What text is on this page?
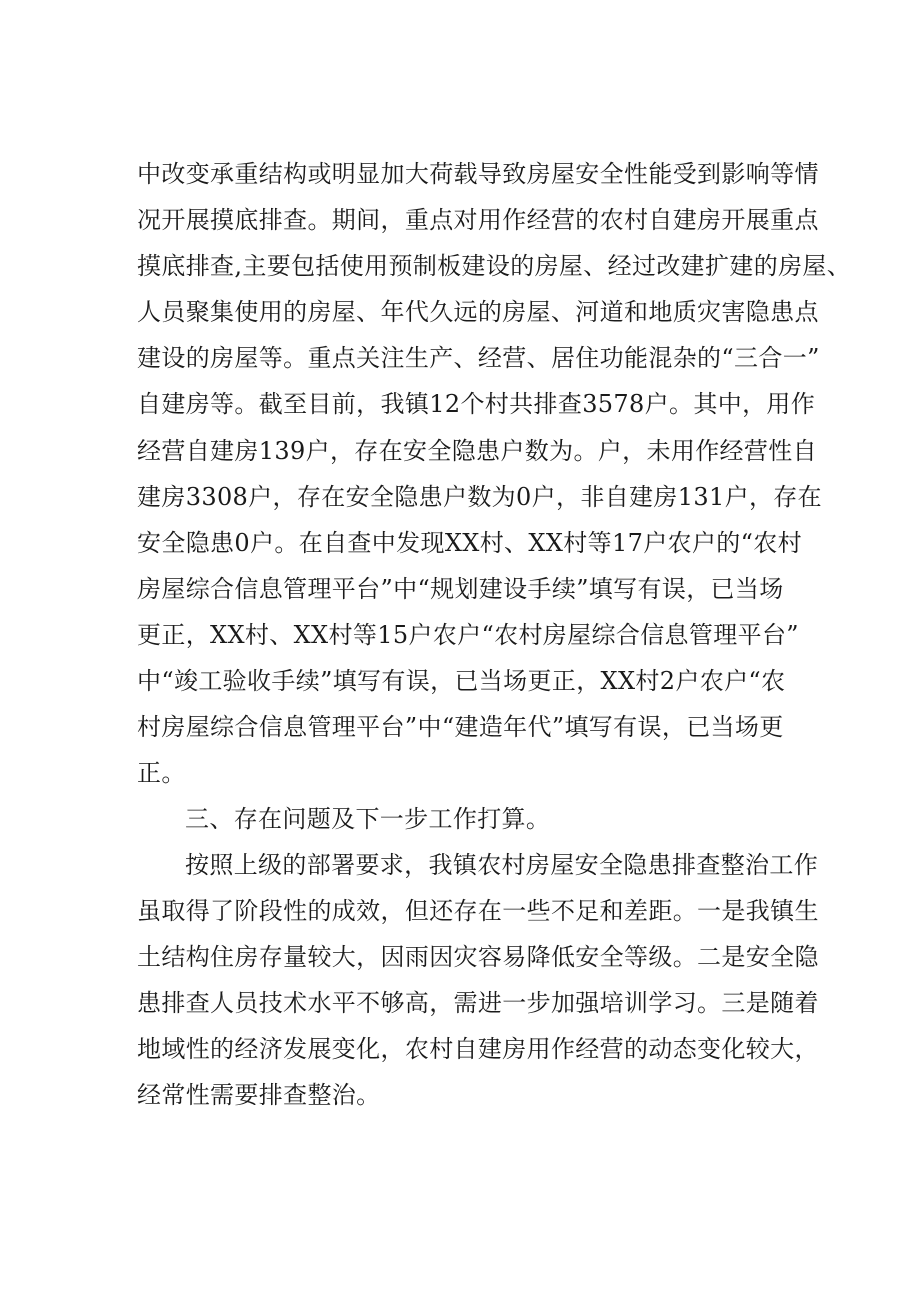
中改变承重结构或明显加大荷载导致房屋安全性能受到影响等情
况开展摸底排查。期间，重点对用作经营的农村自建房开展重点
摸底排查,主要包括使用预制板建设的房屋、经过改建扩建的房屋、
人员聚集使用的房屋、年代久远的房屋、河道和地质灾害隐患点
建设的房屋等。重点关注生产、经营、居住功能混杂的“三合一”
自建房等。截至目前，我镇12个村共排查3578户。其中，用作
经营自建房139户，存在安全隐患户数为。户，未用作经营性自
建房3308户，存在安全隐患户数为0户，非自建房131户，存在
安全隐患0户。在自查中发现XX村、XX村等17户农户的“农村
房屋综合信息管理平台”中“规划建设手续”填写有误，已当场
更正，XX村、XX村等15户农户“农村房屋综合信息管理平台”
中“竣工验收手续”填写有误，已当场更正，XX村2户农户“农
村房屋综合信息管理平台”中“建造年代”填写有误，已当场更
正。
三、存在问题及下一步工作打算。
按照上级的部署要求，我镇农村房屋安全隐患排查整治工作
虽取得了阶段性的成效，但还存在一些不足和差距。一是我镇生
土结构住房存量较大，因雨因灾容易降低安全等级。二是安全隐
患排查人员技术水平不够高，需进一步加强培训学习。三是随着
地域性的经济发展变化，农村自建房用作经营的动态变化较大，
经常性需要排查整治。
